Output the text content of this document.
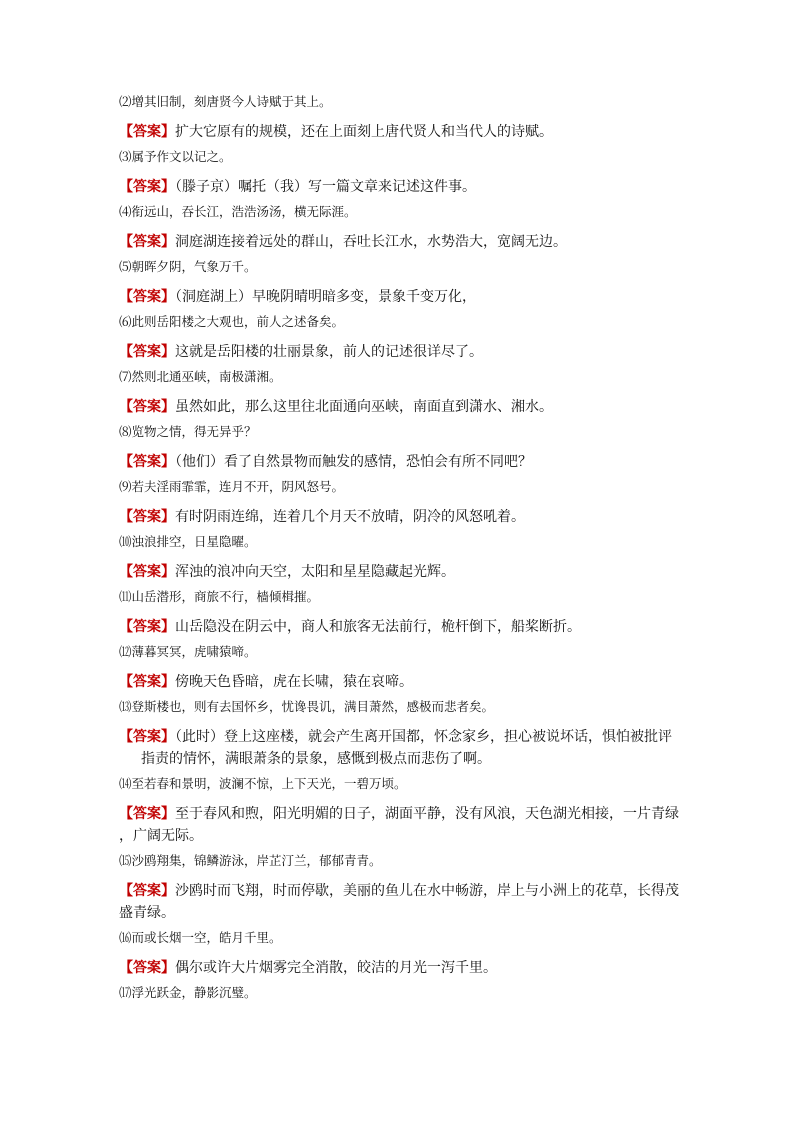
⑵增其旧制，刻唐贤今人诗赋于其上。

【答案】扩大它原有的规模，还在上面刻上唐代贤人和当代人的诗赋。

⑶属予作文以记之。

【答案】（滕子京）嘱托（我）写一篇文章来记述这件事。

⑷衔远山，吞长江，浩浩汤汤，横无际涯。

【答案】洞庭湖连接着远处的群山，吞吐长江水，水势浩大，宽阔无边。

⑸朝晖夕阴，气象万千。

【答案】（洞庭湖上）早晚阴晴明暗多变，景象千变万化，

⑹此则岳阳楼之大观也，前人之述备矣。

【答案】这就是岳阳楼的壮丽景象，前人的记述很详尽了。

⑺然则北通巫峡，南极潇湘。

【答案】虽然如此，那么这里往北面通向巫峡，南面直到潇水、湘水。

⑻览物之情，得无异乎？

【答案】（他们）看了自然景物而触发的感情，恐怕会有所不同吧？

⑼若夫淫雨霏霏，连月不开，阴风怒号。

【答案】有时阴雨连绵，连着几个月天不放晴，阴冷的风怒吼着。

⑽浊浪排空，日星隐曜。

【答案】浑浊的浪冲向天空，太阳和星星隐藏起光辉。

⑾山岳潜形，商旅不行，樯倾楫摧。

【答案】山岳隐没在阴云中，商人和旅客无法前行，桅杆倒下，船桨断折。

⑿薄暮冥冥，虎啸猿啼。

【答案】傍晚天色昏暗，虎在长啸，猿在哀啼。

⒀登斯楼也，则有去国怀乡，忧谗畏讥，满目萧然，感极而悲者矣。

【答案】（此时）登上这座楼，就会产生离开国都，怀念家乡，担心被说坏话，惧怕被批评
指责的情怀，满眼萧条的景象，感慨到极点而悲伤了啊。

⒁至若春和景明，波澜不惊，上下天光，一碧万顷。

【答案】至于春风和煦，阳光明媚的日子，湖面平静，没有风浪，天色湖光相接，一片青绿
，广阔无际。

⒂沙鸥翔集，锦鳞游泳，岸芷汀兰，郁郁青青。

【答案】沙鸥时而飞翔，时而停歇，美丽的鱼儿在水中畅游，岸上与小洲上的花草，长得茂
盛青绿。

⒃而或长烟一空，皓月千里。

【答案】偶尔或许大片烟雾完全消散，皎洁的月光一泻千里。

⒄浮光跃金，静影沉璧。
